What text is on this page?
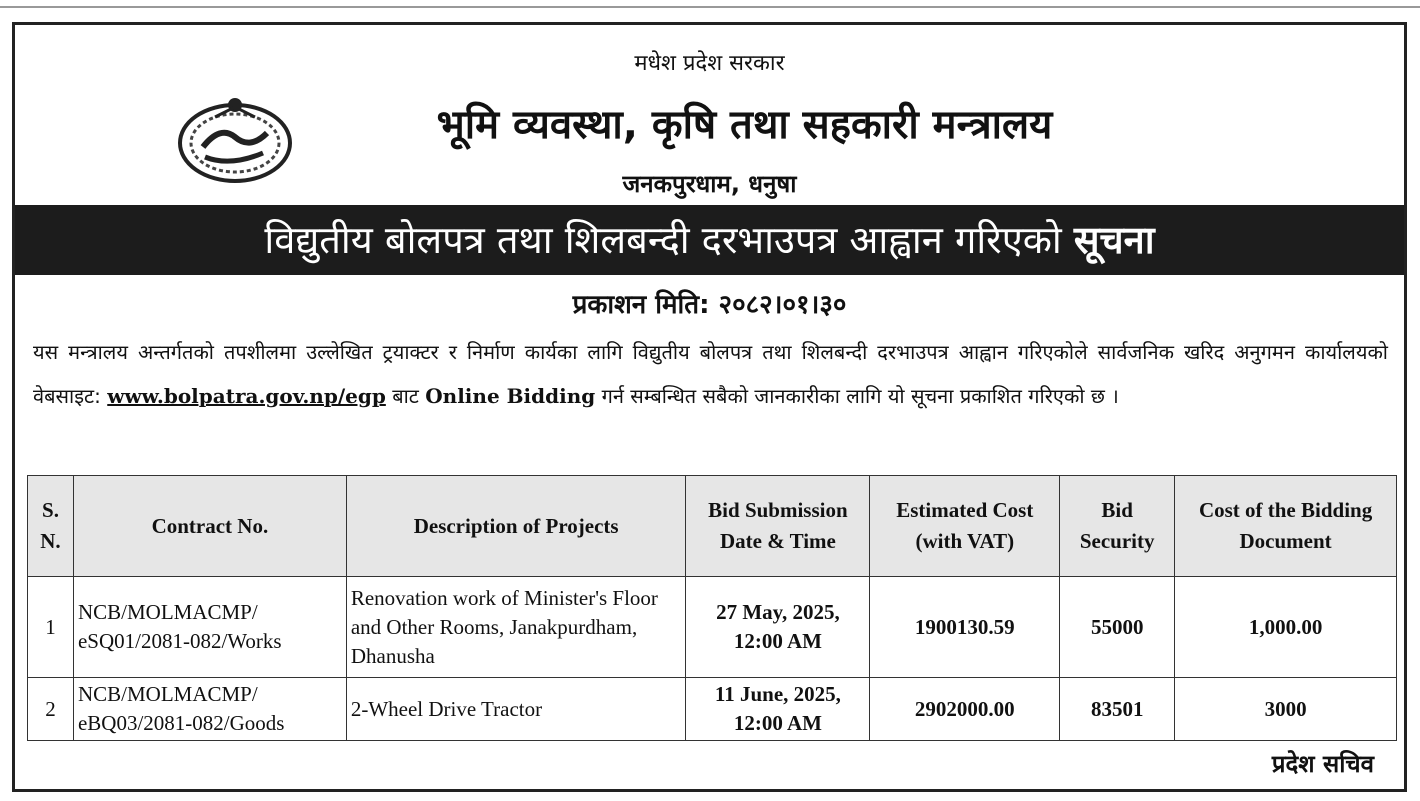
मधेश प्रदेश सरकार
भूमि व्यवस्था, कृषि तथा सहकारी मन्त्रालय
जनकपुरधाम, धनुषा
विद्युतीय बोलपत्र तथा शिलबन्दी दरभाउपत्र आह्वान गरिएको सूचना
प्रकाशन मिति: २०८२।०१।३०
यस मन्त्रालय अन्तर्गतको तपशीलमा उल्लेखित ट्रयाक्टर र निर्माण कार्यका लागि विद्युतीय बोलपत्र तथा शिलबन्दी दरभाउपत्र आह्वान गरिएकोले सार्वजनिक खरिद अनुगमन कार्यालयको वेबसाइट: www.bolpatra.gov.np/egp बाट Online Bidding गर्न सम्बन्धित सबैको जानकारीका लागि यो सूचना प्रकाशित गरिएको छ ।
S. N.	Contract No.	Description of Projects	Bid Submission Date & Time	Estimated Cost (with VAT)	Bid Security	Cost of the Bidding Document
1	NCB/MOLMACMP/ eSQ01/2081-082/Works	Renovation work of Minister's Floor and Other Rooms, Janakpurdham, Dhanusha	27 May, 2025, 12:00 AM	1900130.59	55000	1,000.00
2	NCB/MOLMACMP/ eBQ03/2081-082/Goods	2-Wheel Drive Tractor	11 June, 2025, 12:00 AM	2902000.00	83501	3000
प्रदेश सचिव
